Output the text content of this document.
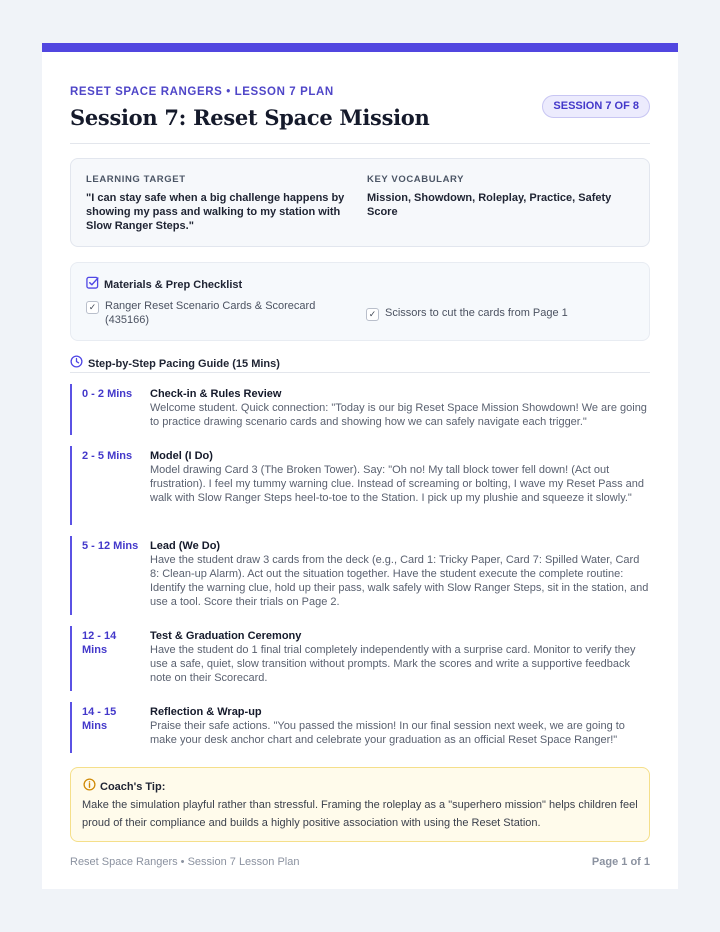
RESET SPACE RANGERS • LESSON 7 PLAN
Session 7: Reset Space Mission	SESSION 7 OF 8
LEARNING TARGET
"I can stay safe when a big challenge happens by showing my pass and walking to my station with Slow Ranger Steps."
KEY VOCABULARY
Mission, Showdown, Roleplay, Practice, Safety Score
Materials & Prep Checklist
✓ Ranger Reset Scenario Cards & Scorecard (435166)	✓ Scissors to cut the cards from Page 1
Step-by-Step Pacing Guide (15 Mins)
0 - 2 Mins	Check-in & Rules Review
Welcome student. Quick connection: "Today is our big Reset Space Mission Showdown! We are going to practice drawing scenario cards and showing how we can safely navigate each trigger."
2 - 5 Mins	Model (I Do)
Model drawing Card 3 (The Broken Tower). Say: "Oh no! My tall block tower fell down! (Act out frustration). I feel my tummy warning clue. Instead of screaming or bolting, I wave my Reset Pass and walk with Slow Ranger Steps heel-to-toe to the Station. I pick up my plushie and squeeze it slowly."
5 - 12 Mins	Lead (We Do)
Have the student draw 3 cards from the deck (e.g., Card 1: Tricky Paper, Card 7: Spilled Water, Card 8: Clean-up Alarm). Act out the situation together. Have the student execute the complete routine: Identify the warning clue, hold up their pass, walk safely with Slow Ranger Steps, sit in the station, and use a tool. Score their trials on Page 2.
12 - 14 Mins
Test & Graduation Ceremony
Have the student do 1 final trial completely independently with a surprise card. Monitor to verify they use a safe, quiet, slow transition without prompts. Mark the scores and write a supportive feedback note on their Scorecard.
14 - 15 Mins
Reflection & Wrap-up
Praise their safe actions. "You passed the mission! In our final session next week, we are going to make your desk anchor chart and celebrate your graduation as an official Reset Space Ranger!"
Coach's Tip:
Make the simulation playful rather than stressful. Framing the roleplay as a "superhero mission" helps children feel proud of their compliance and builds a highly positive association with using the Reset Station.
Reset Space Rangers • Session 7 Lesson Plan	Page 1 of 1
